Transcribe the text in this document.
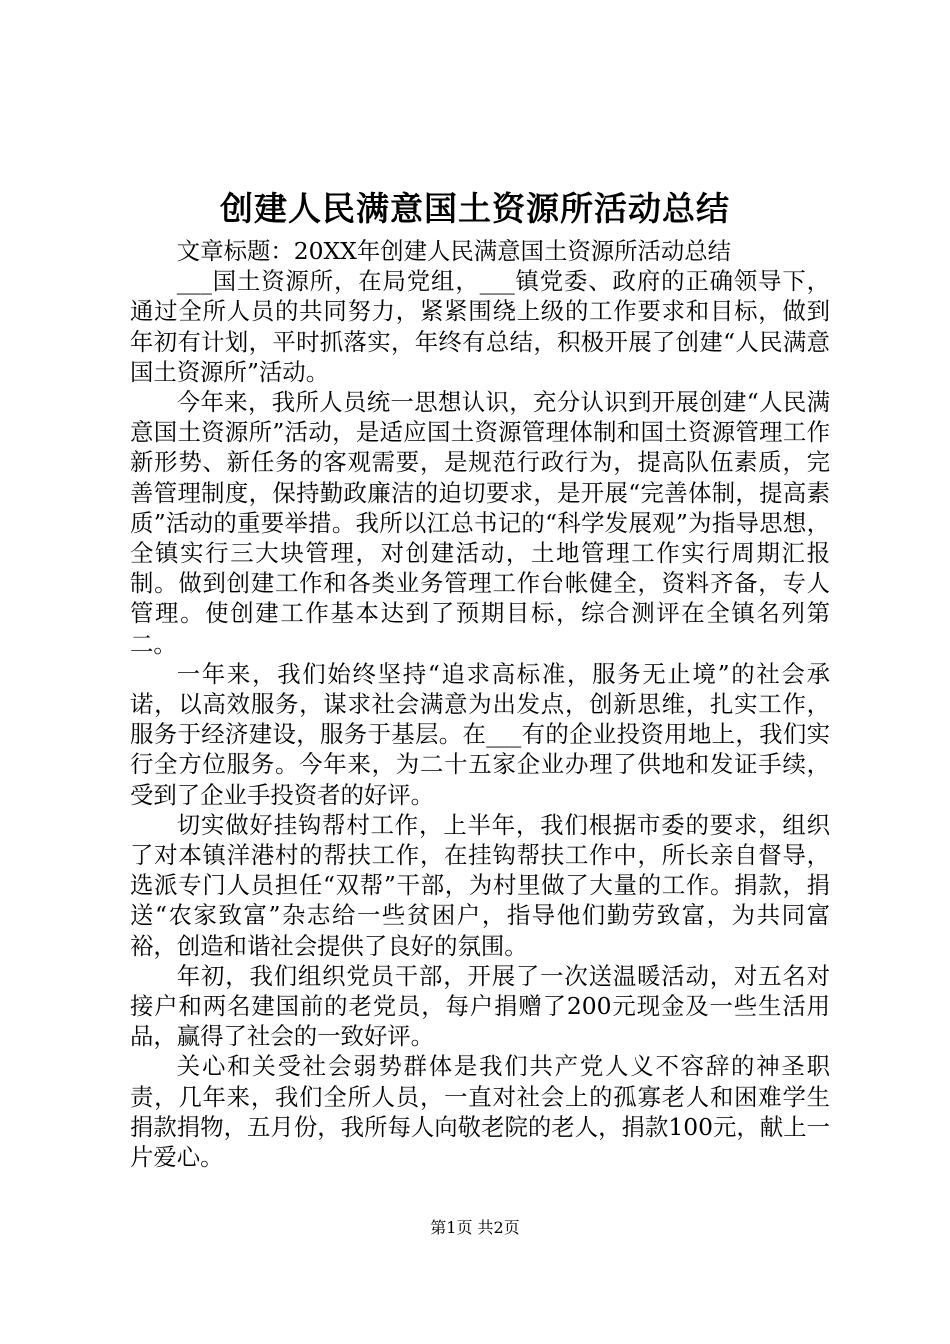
创建人民满意国土资源所活动总结

文章标题：20XX年创建人民满意国土资源所活动总结

___国土资源所，在局党组，___镇党委、政府的正确领导下，通过全所人员的共同努力，紧紧围绕上级的工作要求和目标，做到年初有计划，平时抓落实，年终有总结，积极开展了创建“人民满意国土资源所”活动。

今年来，我所人员统一思想认识，充分认识到开展创建“人民满意国土资源所”活动，是适应国土资源管理体制和国土资源管理工作新形势、新任务的客观需要，是规范行政行为，提高队伍素质，完善管理制度，保持勤政廉洁的迫切要求，是开展“完善体制，提高素质”活动的重要举措。我所以江总书记的“科学发展观”为指导思想，全镇实行三大块管理，对创建活动，土地管理工作实行周期汇报制。做到创建工作和各类业务管理工作台帐健全，资料齐备，专人管理。使创建工作基本达到了预期目标，综合测评在全镇名列第二。

一年来，我们始终坚持“追求高标准，服务无止境”的社会承诺，以高效服务，谋求社会满意为出发点，创新思维，扎实工作，服务于经济建设，服务于基层。在___有的企业投资用地上，我们实行全方位服务。今年来，为二十五家企业办理了供地和发证手续，受到了企业手投资者的好评。

切实做好挂钩帮村工作，上半年，我们根据市委的要求，组织了对本镇洋港村的帮扶工作，在挂钩帮扶工作中，所长亲自督导，选派专门人员担任“双帮”干部，为村里做了大量的工作。捐款，捐送“农家致富”杂志给一些贫困户，指导他们勤劳致富，为共同富裕，创造和谐社会提供了良好的氛围。

年初，我们组织党员干部，开展了一次送温暖活动，对五名对接户和两名建国前的老党员，每户捐赠了200元现金及一些生活用品，赢得了社会的一致好评。

关心和关受社会弱势群体是我们共产党人义不容辞的神圣职责，几年来，我们全所人员，一直对社会上的孤寡老人和困难学生捐款捐物，五月份，我所每人向敬老院的老人，捐款100元，献上一片爱心。

第1页 共2页
